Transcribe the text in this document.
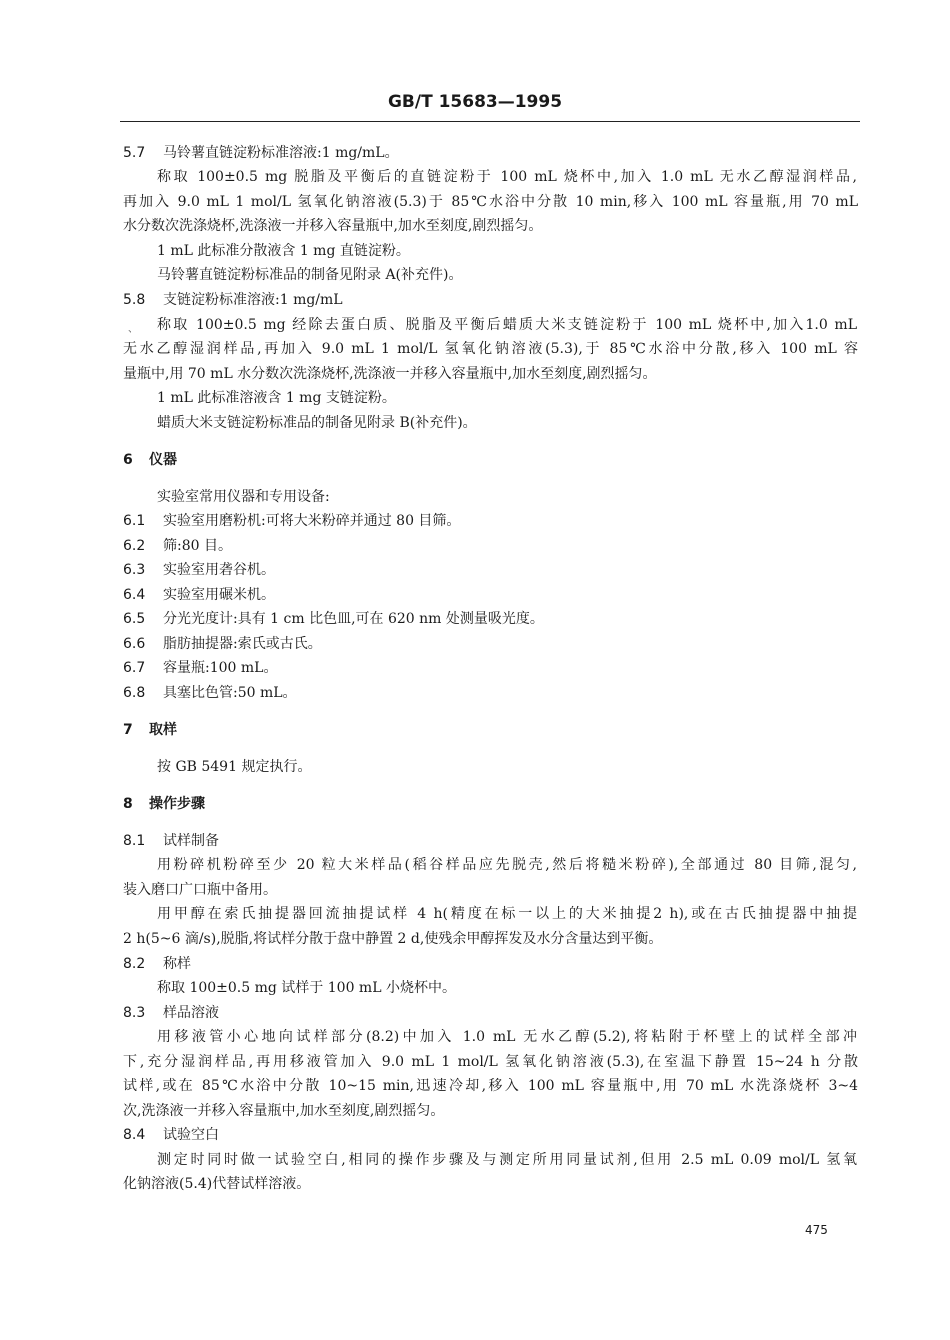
GB/T 15683—1995
5.7 马铃薯直链淀粉标准溶液:1 mg/mL。
称取 100±0.5 mg 脱脂及平衡后的直链淀粉于 100 mL 烧杯中,加入 1.0 mL 无水乙醇湿润样品,
再加入 9.0 mL 1 mol/L 氢氧化钠溶液(5.3)于 85℃水浴中分散 10 min,移入 100 mL 容量瓶,用 70 mL
水分数次洗涤烧杯,洗涤液一并移入容量瓶中,加水至刻度,剧烈摇匀。
1 mL 此标准分散液含 1 mg 直链淀粉。
马铃薯直链淀粉标准品的制备见附录 A(补充件)。
5.8 支链淀粉标准溶液:1 mg/mL
、 称取 100±0.5 mg 经除去蛋白质、脱脂及平衡后蜡质大米支链淀粉于 100 mL 烧杯中,加入1.0 mL
无水乙醇湿润样品,再加入 9.0 mL 1 mol/L 氢氧化钠溶液(5.3),于 85℃水浴中分散,移入 100 mL 容
量瓶中,用 70 mL 水分数次洗涤烧杯,洗涤液一并移入容量瓶中,加水至刻度,剧烈摇匀。
1 mL 此标准溶液含 1 mg 支链淀粉。
蜡质大米支链淀粉标准品的制备见附录 B(补充件)。
6 仪器
实验室常用仪器和专用设备:
6.1 实验室用磨粉机:可将大米粉碎并通过 80 目筛。
6.2 筛:80 目。
6.3 实验室用砻谷机。
6.4 实验室用碾米机。
6.5 分光光度计:具有 1 cm 比色皿,可在 620 nm 处测量吸光度。
6.6 脂肪抽提器:索氏或古氏。
6.7 容量瓶:100 mL。
6.8 具塞比色管:50 mL。
7 取样
按 GB 5491 规定执行。
8 操作步骤
8.1 试样制备
用粉碎机粉碎至少 20 粒大米样品(稻谷样品应先脱壳,然后将糙米粉碎),全部通过 80 目筛,混匀,
装入磨口广口瓶中备用。
用甲醇在索氏抽提器回流抽提试样 4 h(精度在标一以上的大米抽提2 h),或在古氏抽提器中抽提
2 h(5~6 滴/s),脱脂,将试样分散于盘中静置 2 d,使残余甲醇挥发及水分含量达到平衡。
8.2 称样
称取 100±0.5 mg 试样于 100 mL 小烧杯中。
8.3 样品溶液
用移液管小心地向试样部分(8.2)中加入 1.0 mL 无水乙醇(5.2),将粘附于杯壁上的试样全部冲
下,充分湿润样品,再用移液管加入 9.0 mL 1 mol/L 氢氧化钠溶液(5.3),在室温下静置 15~24 h 分散
试样,或在 85℃水浴中分散 10~15 min,迅速冷却,移入 100 mL 容量瓶中,用 70 mL 水洗涤烧杯 3~4
次,洗涤液一并移入容量瓶中,加水至刻度,剧烈摇匀。
8.4 试验空白
测定时同时做一试验空白,相同的操作步骤及与测定所用同量试剂,但用 2.5 mL 0.09 mol/L 氢氧
化钠溶液(5.4)代替试样溶液。
475
